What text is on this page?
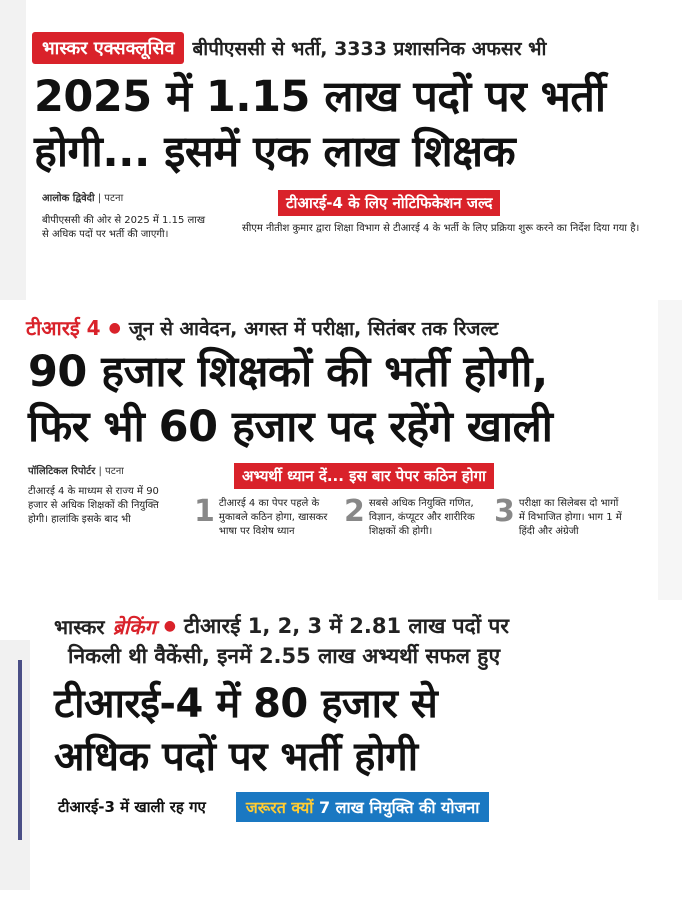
भास्कर एक्सक्लूसिव बीपीएससी से भर्ती, 3333 प्रशासनिक अफसर भी
2025 में 1.15 लाख पदों पर भर्ती
होगी... इसमें एक लाख शिक्षक
आलोक द्विवेदी | पटना
बीपीएससी की ओर से 2025 में 1.15 लाख से अधिक पदों पर भर्ती की जाएगी।
टीआरई-4 के लिए नोटिफिकेशन जल्द
सीएम नीतीश कुमार द्वारा शिक्षा विभाग से टीआरई 4 के भर्ती के लिए प्रक्रिया शुरू करने का निर्देश दिया गया है।
टीआरई 4 ● जून से आवेदन, अगस्त में परीक्षा, सितंबर तक रिजल्ट
90 हजार शिक्षकों की भर्ती होगी,
फिर भी 60 हजार पद रहेंगे खाली
पॉलिटिकल रिपोर्टर | पटना
टीआरई 4 के माध्यम से राज्य में 90 हजार से अधिक शिक्षकों की नियुक्ति होगी। हालांकि इसके बाद भी
अभ्यर्थी ध्यान दें... इस बार पेपर कठिन होगा
1 टीआरई 4 का पेपर पहले के मुकाबले कठिन होगा, खासकर भाषा पर विशेष ध्यान
2 सबसे अधिक नियुक्ति गणित, विज्ञान, कंप्यूटर और शारीरिक शिक्षकों की होगी।
3 परीक्षा का सिलेबस दो भागों में विभाजित होगा। भाग 1 में हिंदी और अंग्रेजी
भास्कर ब्रेकिंग ● टीआरई 1, 2, 3 में 2.81 लाख पदों पर
निकली थी वैकेंसी, इनमें 2.55 लाख अभ्यर्थी सफल हुए
टीआरई-4 में 80 हजार से
अधिक पदों पर भर्ती होगी
टीआरई-3 में खाली रह गए	जरूरत क्यों 7 लाख नियुक्ति की योजना
